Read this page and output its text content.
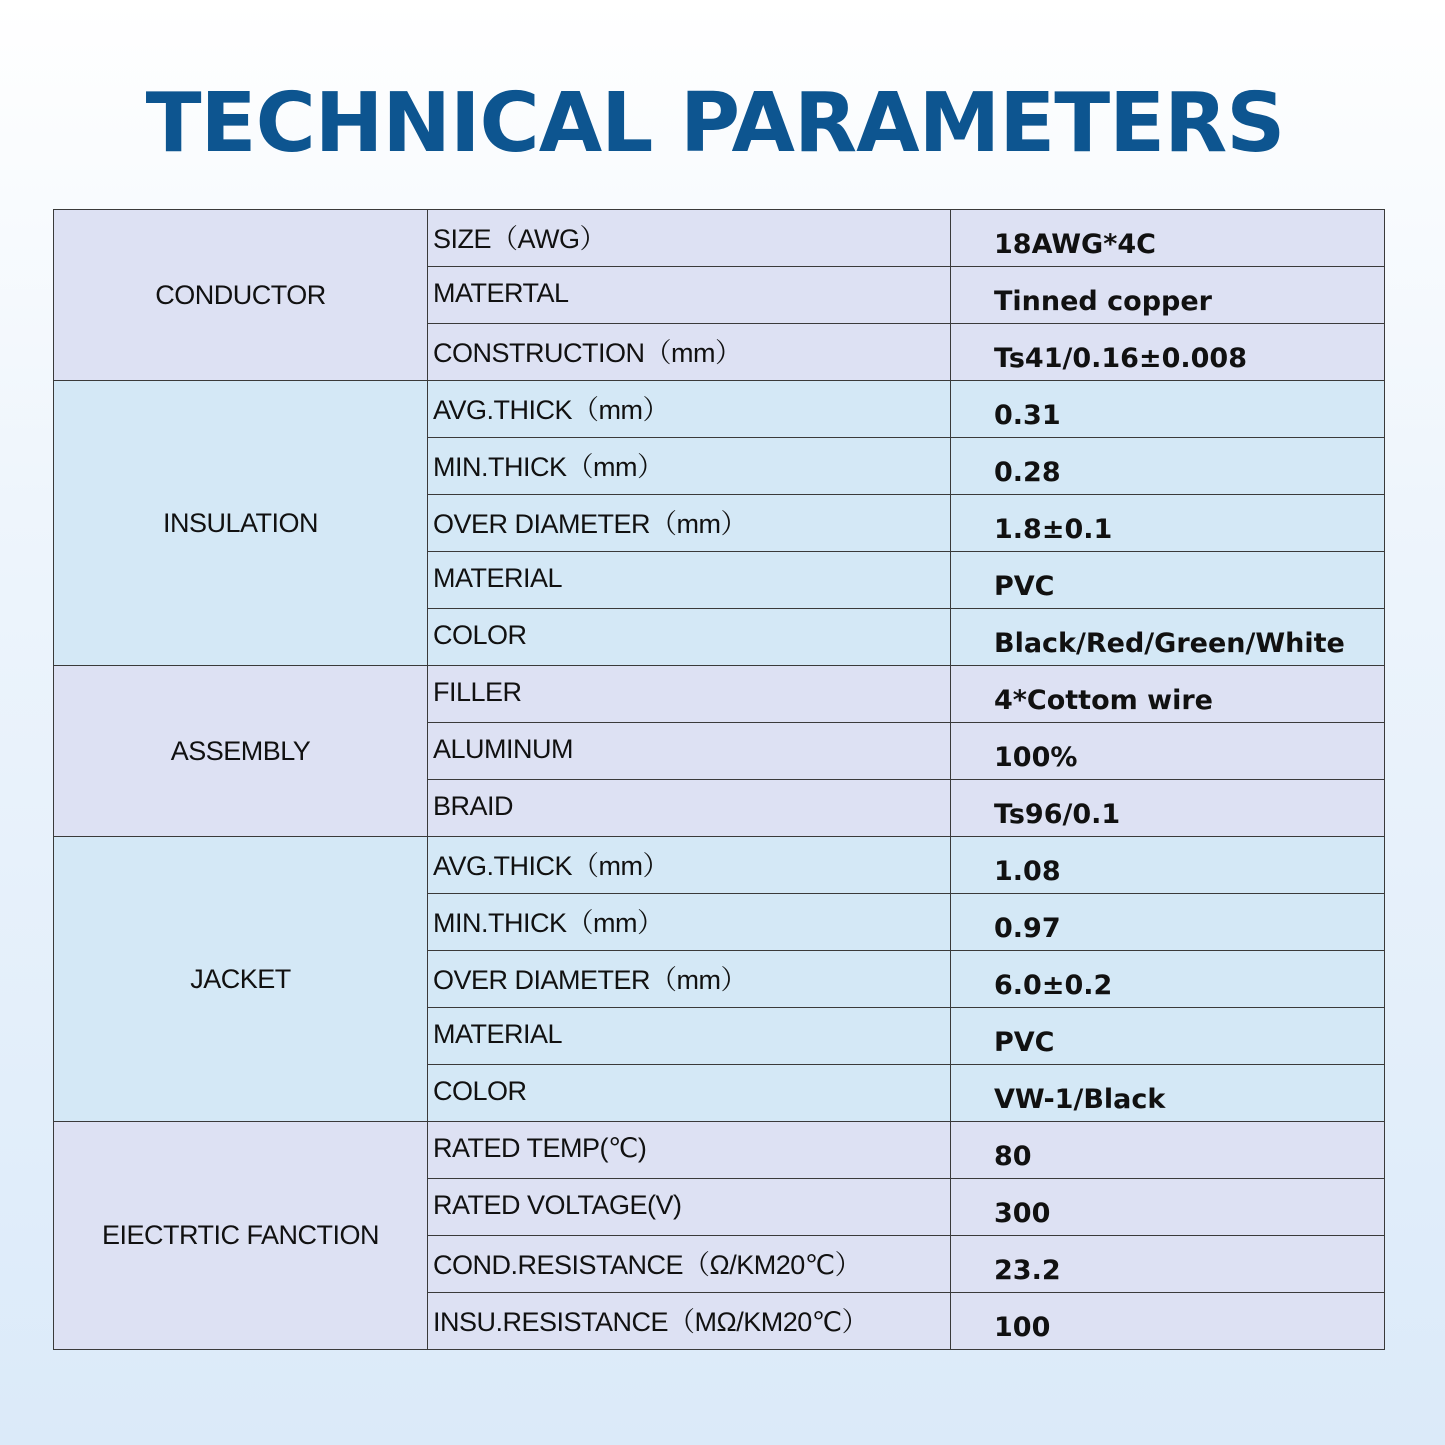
TECHNICAL PARAMETERS
CONDUCTOR	SIZE（AWG）	18AWG*4C
	MATERTAL	Tinned copper
	CONSTRUCTION（mm）	Ts41/0.16±0.008
INSULATION	AVG.THICK（mm）	0.31
	MIN.THICK（mm）	0.28
	OVER DIAMETER（mm）	1.8±0.1
	MATERIAL	PVC
	COLOR	Black/Red/Green/White
ASSEMBLY	FILLER	4*Cottom wire
	ALUMINUM	100%
	BRAID	Ts96/0.1
JACKET	AVG.THICK（mm）	1.08
	MIN.THICK（mm）	0.97
	OVER DIAMETER（mm）	6.0±0.2
	MATERIAL	PVC
	COLOR	VW-1/Black
EIECTRTIC FANCTION	RATED TEMP(℃)	80
	RATED VOLTAGE(V)	300
	COND.RESISTANCE（Ω/KM20℃）	23.2
	INSU.RESISTANCE（MΩ/KM20℃）	100
